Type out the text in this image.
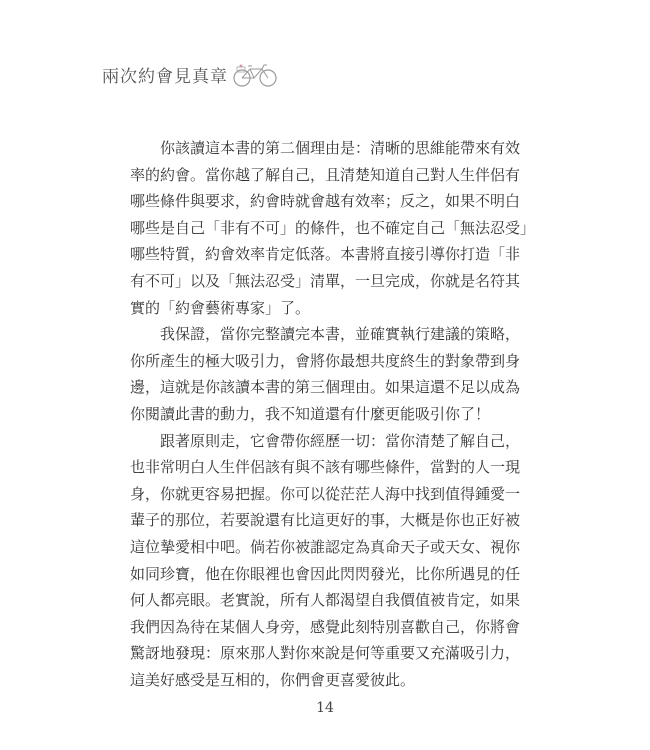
兩次約會見真章
你該讀這本書的第二個理由是：清晰的思維能帶來有效
率的約會。當你越了解自己，且清楚知道自己對人生伴侶有
哪些條件與要求，約會時就會越有效率；反之，如果不明白
哪些是自己「非有不可」的條件，也不確定自己「無法忍受」
哪些特質，約會效率肯定低落。本書將直接引導你打造「非
有不可」以及「無法忍受」清單，一旦完成，你就是名符其
實的「約會藝術專家」了。
我保證，當你完整讀完本書，並確實執行建議的策略，
你所產生的極大吸引力，會將你最想共度終生的對象帶到身
邊，這就是你該讀本書的第三個理由。如果這還不足以成為
你閱讀此書的動力，我不知道還有什麼更能吸引你了！
跟著原則走，它會帶你經歷一切：當你清楚了解自己，
也非常明白人生伴侶該有與不該有哪些條件，當對的人一現
身，你就更容易把握。你可以從茫茫人海中找到值得鍾愛一
輩子的那位，若要說還有比這更好的事，大概是你也正好被
這位摯愛相中吧。倘若你被誰認定為真命天子或天女、視你
如同珍寶，他在你眼裡也會因此閃閃發光，比你所遇見的任
何人都亮眼。老實說，所有人都渴望自我價值被肯定，如果
我們因為待在某個人身旁，感覺此刻特別喜歡自己，你將會
驚訝地發現：原來那人對你來說是何等重要又充滿吸引力，
這美好感受是互相的，你們會更喜愛彼此。
14
